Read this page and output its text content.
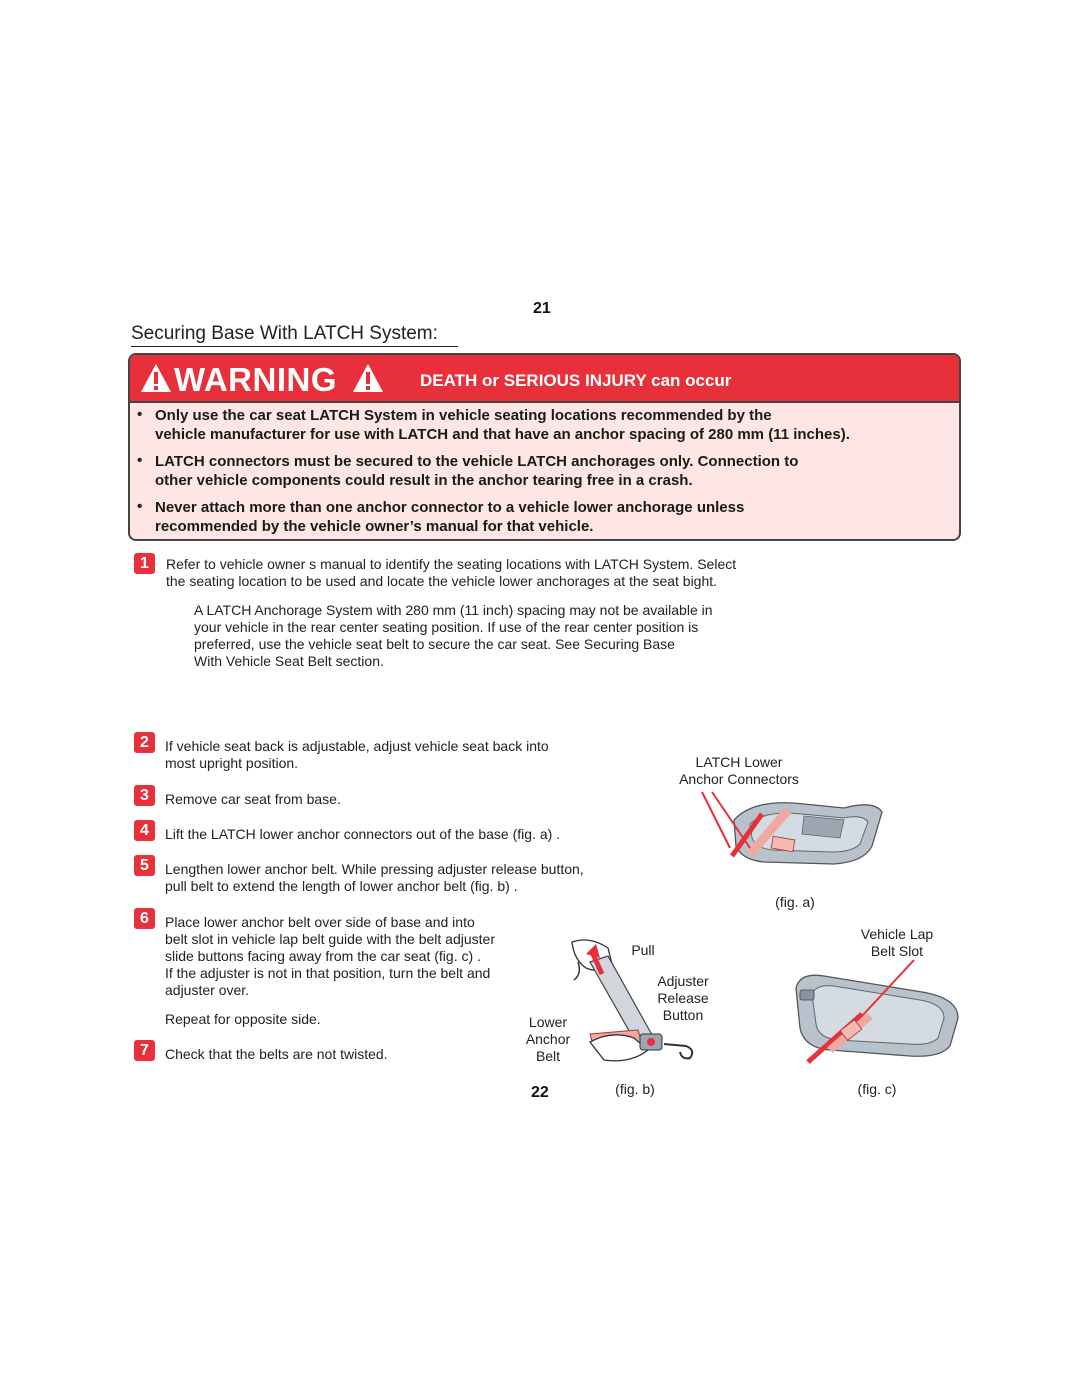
21
Securing Base With LATCH System:
WARNING	DEATH or SERIOUS INJURY can occur
• Only use the car seat LATCH System in vehicle seating locations recommended by the
vehicle manufacturer for use with LATCH and that have an anchor spacing of 280 mm (11 inches).
• LATCH connectors must be secured to the vehicle LATCH anchorages only. Connection to
other vehicle components could result in the anchor tearing free in a crash.
• Never attach more than one anchor connector to a vehicle lower anchorage unless
recommended by the vehicle owner’s manual for that vehicle.
1	Refer to vehicle owner s manual to identify the seating locations with LATCH System. Select
the seating location to be used and locate the vehicle lower anchorages at the seat bight.
A LATCH Anchorage System with 280 mm (11 inch) spacing may not be available in
your vehicle in the rear center seating position. If use of the rear center position is
preferred, use the vehicle seat belt to secure the car seat. See Securing Base
With Vehicle Seat Belt section.
2	If vehicle seat back is adjustable, adjust vehicle seat back into
most upright position.
3	Remove car seat from base.
4	Lift the LATCH lower anchor connectors out of the base (fig. a) .
5	Lengthen lower anchor belt. While pressing adjuster release button,
pull belt to extend the length of lower anchor belt (fig. b) .
6	Place lower anchor belt over side of base and into
belt slot in vehicle lap belt guide with the belt adjuster
slide buttons facing away from the car seat (fig. c) .
If the adjuster is not in that position, turn the belt and
adjuster over.
Repeat for opposite side.
7	Check that the belts are not twisted.
22
LATCH Lower
Anchor Connectors
(fig. a)
Pull
Adjuster
Release
Button
Lower
Anchor
Belt
(fig. b)
Vehicle Lap
Belt Slot
(fig. c)
